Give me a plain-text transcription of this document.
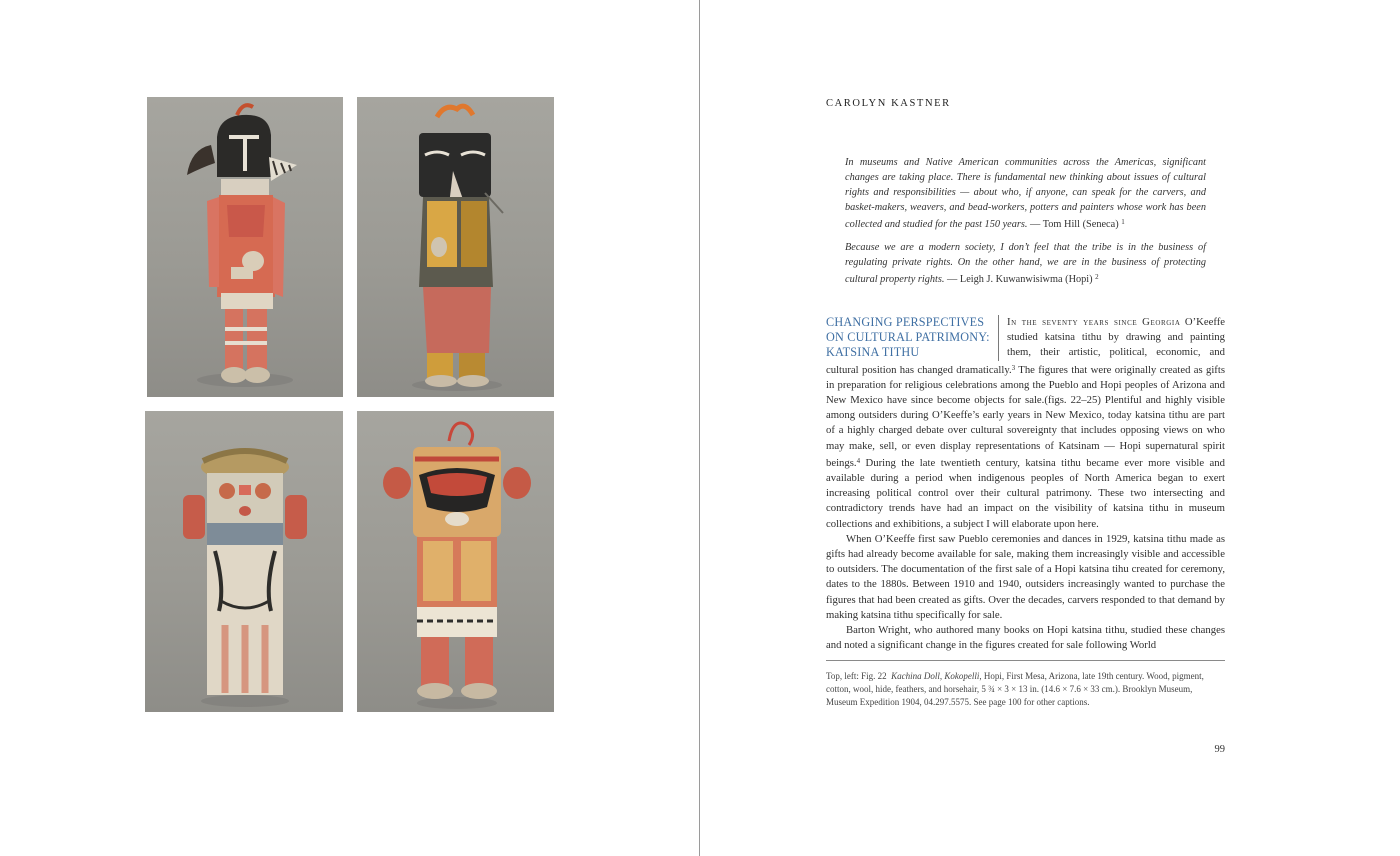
CAROLYN KASTNER
In museums and Native American communities across the Americas, significant changes are taking place. There is fundamental new thinking about issues of cultural rights and responsibilities — about who, if anyone, can speak for the carvers, and basket-makers, weavers, and bead-workers, potters and painters whose work has been collected and studied for the past 150 years. — Tom Hill (Seneca) $^1$
Because we are a modern society, I don’t feel that the tribe is in the business of regulating private rights. On the other hand, we are in the business of protecting cultural property rights. — Leigh J. Kuwanwisiwma (Hopi) $^2$
CHANGING PERSPECTIVES ON CULTURAL PATRIMONY: KATSINA TITHU

In the seventy years since Georgia O’Keeffe studied katsina tithu by drawing and painting them, their artistic, political, economic, and cultural position has changed dramatically.$^3$ The figures that were originally created as gifts in preparation for religious celebrations among the Pueblo and Hopi peoples of Arizona and New Mexico have since become objects for sale.(figs. 22–25) Plentiful and highly visible among outsiders during O’Keeffe’s early years in New Mexico, today katsina tithu are part of a highly charged debate over cultural sovereignty that includes opposing views on who may make, sell, or even display representations of Katsinam — Hopi supernatural spirit beings.$^4$ During the late twentieth century, katsina tithu became ever more visible and available during a period when indigenous peoples of North America began to exert increasing political control over their cultural patrimony. These two intersecting and contradictory trends have had an impact on the visibility of katsina tithu in museum collections and exhibitions, a subject I will elaborate upon here.

When O’Keeffe first saw Pueblo ceremonies and dances in 1929, katsina tithu made as gifts had already become available for sale, making them increasingly visible and accessible to outsiders. The documentation of the first sale of a Hopi katsina tihu created for ceremony, dates to the 1880s. Between 1910 and 1940, outsiders increasingly wanted to purchase the figures that had been created as gifts. Over the decades, carvers responded to that demand by making katsina tithu specifically for sale.

Barton Wright, who authored many books on Hopi katsina tithu, studied these changes and noted a significant change in the figures created for sale following World

Top, left: Fig. 22 Kachina Doll, Kokopelli, Hopi, First Mesa, Arizona, late 19th century. Wood, pigment, cotton, wool, hide, feathers, and horsehair, 5 ¾ × 3 × 13 in. (14.6 × 7.6 × 33 cm.). Brooklyn Museum, Museum Expedition 1904, 04.297.5575. See page 100 for other captions.
99
